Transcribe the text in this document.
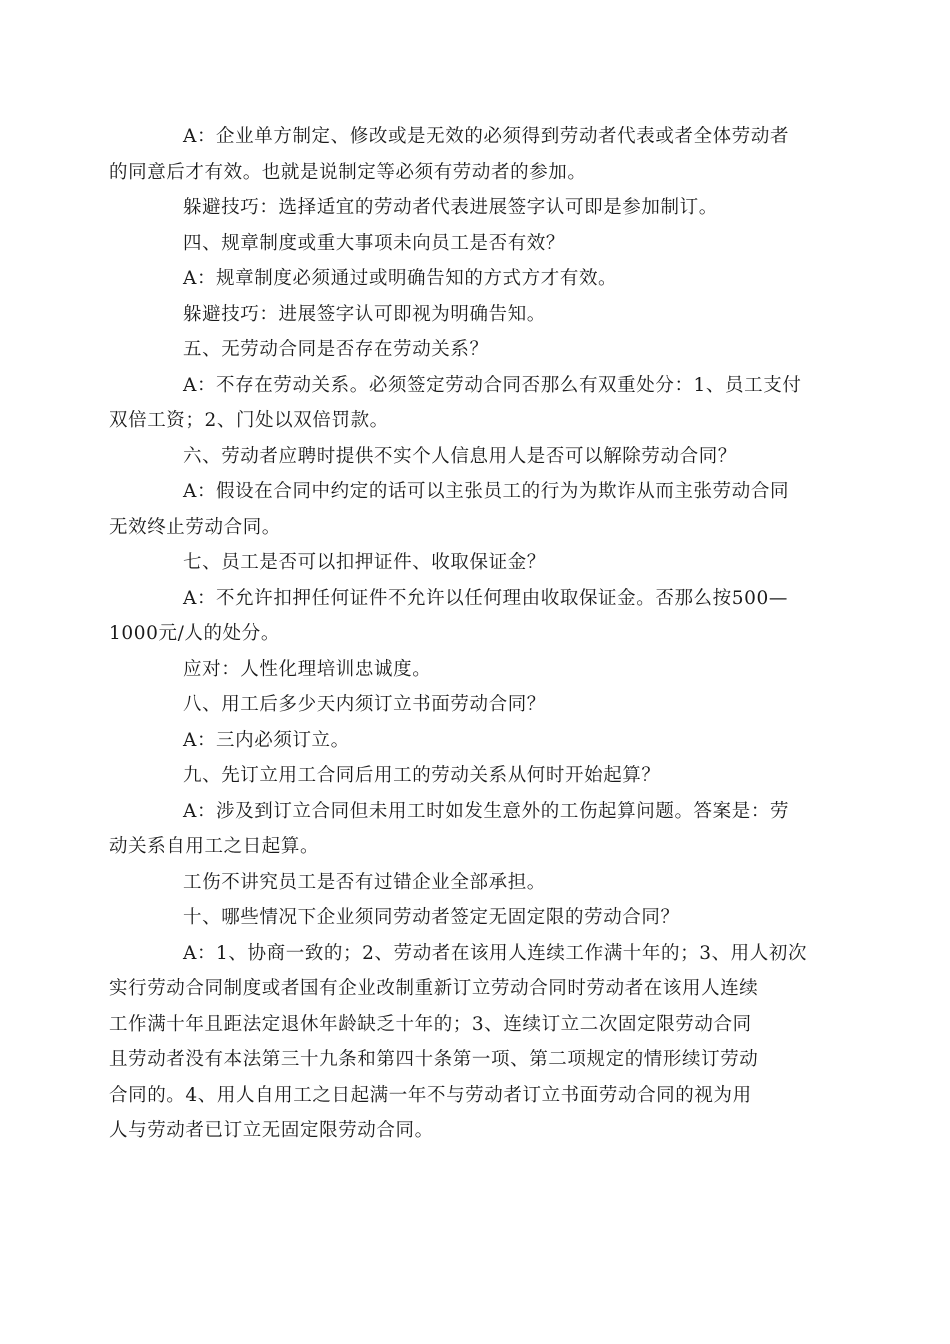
A：企业单方制定、修改或是无效的必须得到劳动者代表或者全体劳动者
的同意后才有效。也就是说制定等必须有劳动者的参加。

躲避技巧：选择适宜的劳动者代表进展签字认可即是参加制订。

四、规章制度或重大事项未向员工是否有效？

A：规章制度必须通过或明确告知的方式方才有效。

躲避技巧：进展签字认可即视为明确告知。

五、无劳动合同是否存在劳动关系？

A：不存在劳动关系。必须签定劳动合同否那么有双重处分：1、员工支付
双倍工资；2、门处以双倍罚款。

六、劳动者应聘时提供不实个人信息用人是否可以解除劳动合同？

A：假设在合同中约定的话可以主张员工的行为为欺诈从而主张劳动合同
无效终止劳动合同。

七、员工是否可以扣押证件、收取保证金？

A：不允许扣押任何证件不允许以任何理由收取保证金。否那么按500—
1000元/人的处分。

应对：人性化理培训忠诚度。

八、用工后多少天内须订立书面劳动合同？

A：三内必须订立。

九、先订立用工合同后用工的劳动关系从何时开始起算？

A：涉及到订立合同但未用工时如发生意外的工伤起算问题。答案是：劳
动关系自用工之日起算。

工伤不讲究员工是否有过错企业全部承担。

十、哪些情况下企业须同劳动者签定无固定限的劳动合同？

A：1、协商一致的；2、劳动者在该用人连续工作满十年的；3、用人初次
实行劳动合同制度或者国有企业改制重新订立劳动合同时劳动者在该用人连续
工作满十年且距法定退休年龄缺乏十年的；3、连续订立二次固定限劳动合同
且劳动者没有本法第三十九条和第四十条第一项、第二项规定的情形续订劳动
合同的。4、用人自用工之日起满一年不与劳动者订立书面劳动合同的视为用
人与劳动者已订立无固定限劳动合同。
